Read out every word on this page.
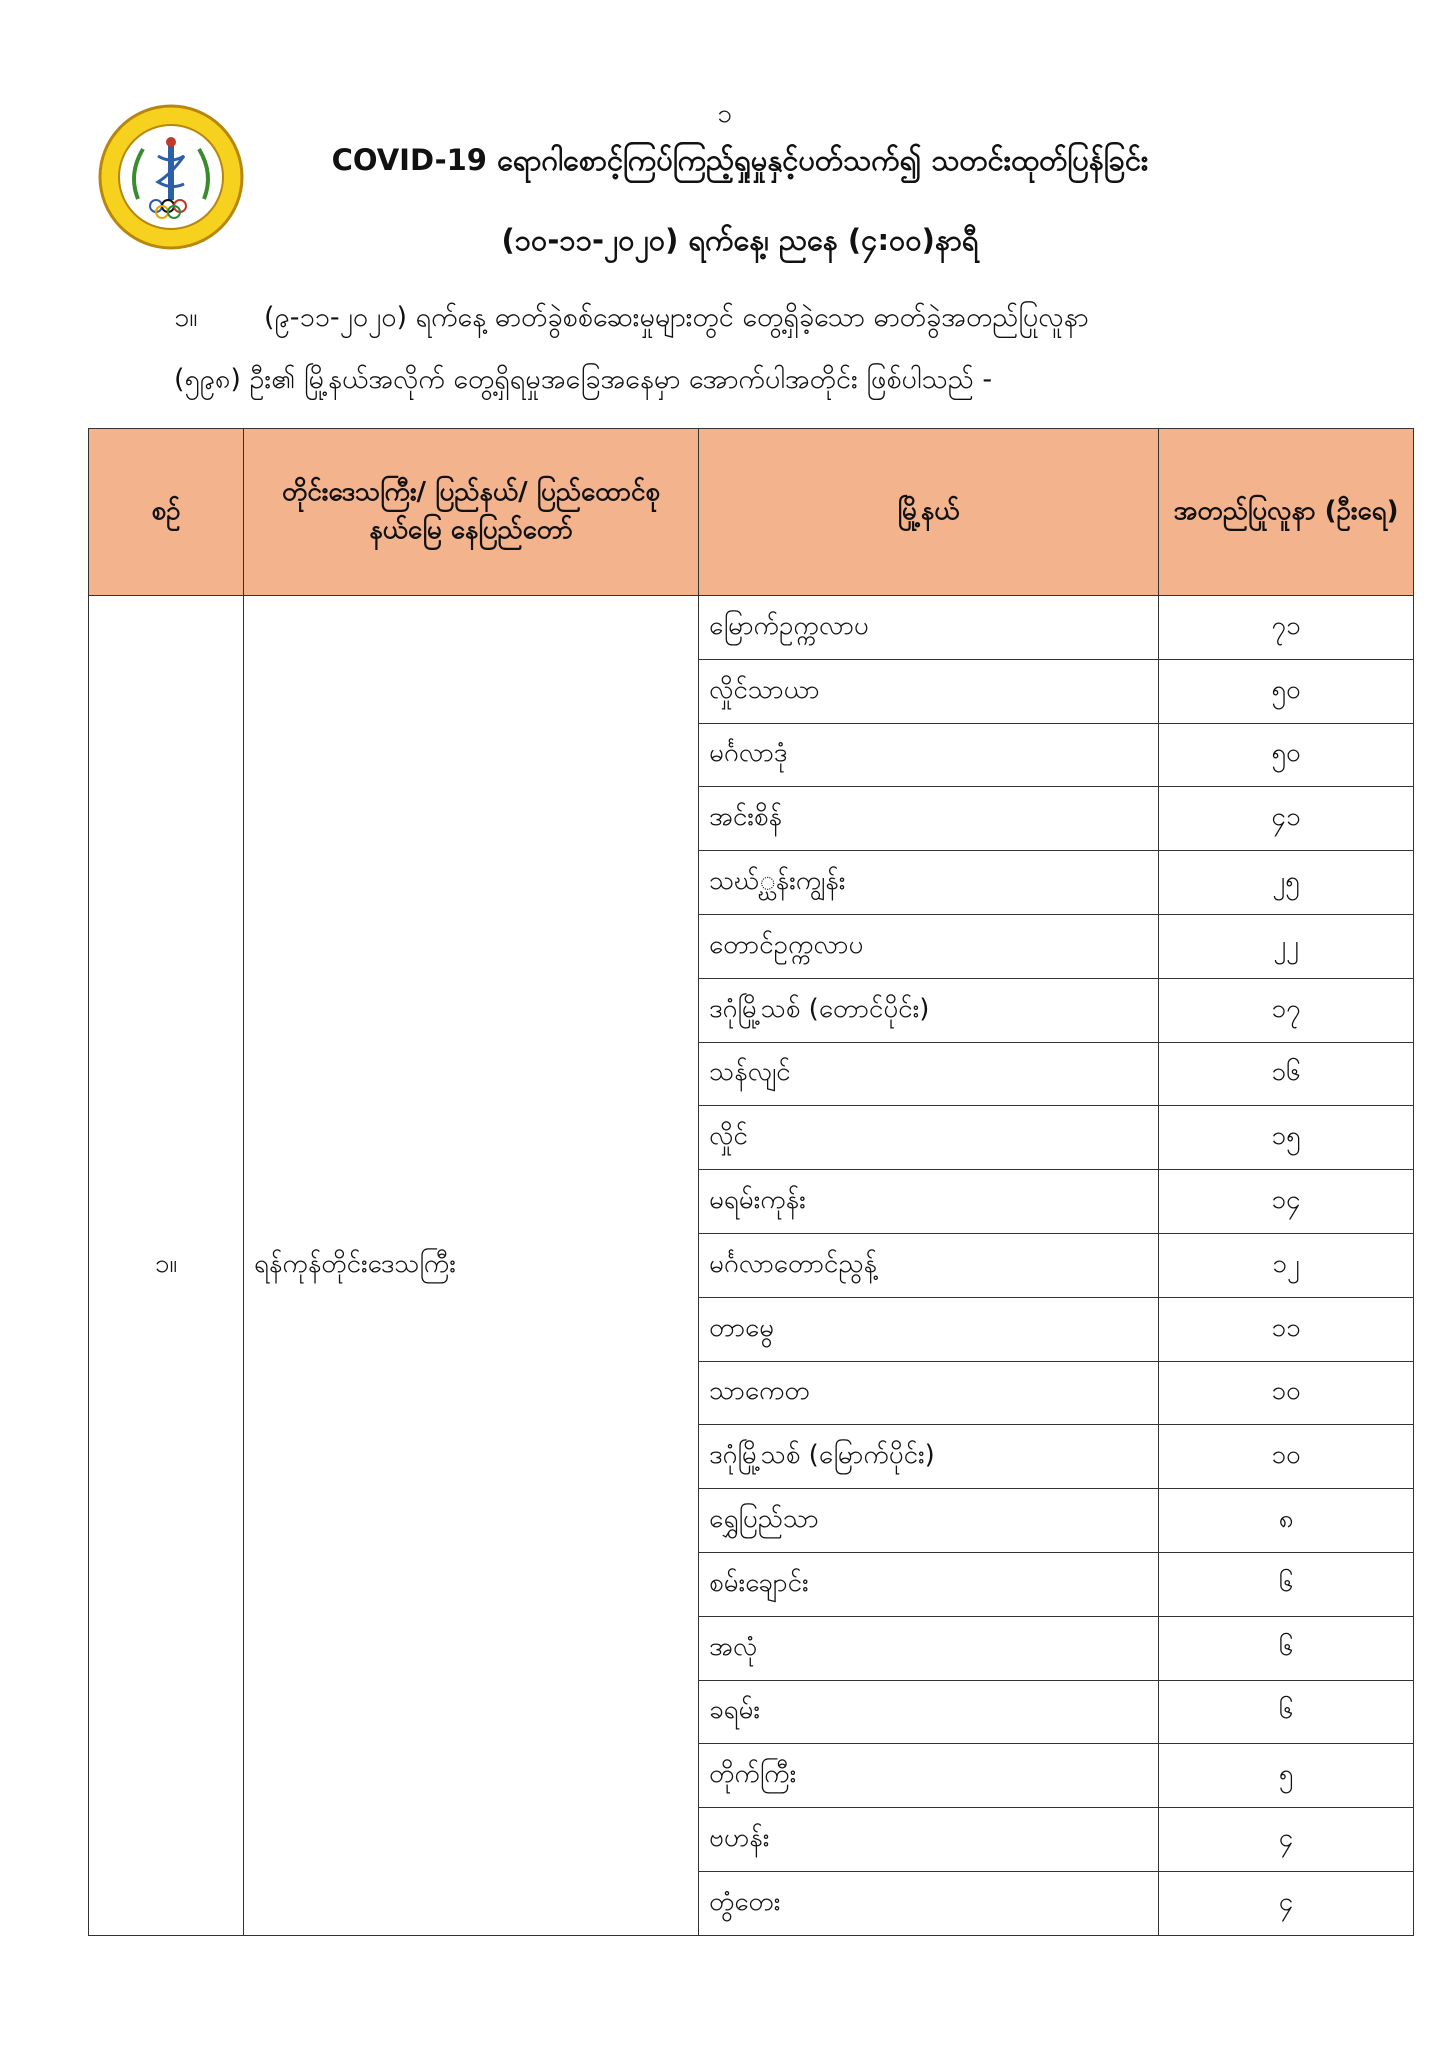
၁
COVID-19 ရောဂါစောင့်ကြပ်ကြည့်ရှုမှုနှင့်ပတ်သက်၍ သတင်းထုတ်ပြန်ခြင်း
(၁၀-၁၁-၂၀၂၀) ရက်နေ့၊ ညနေ (၄:၀၀)နာရီ
၁။ (၉-၁၁-၂၀၂၀) ရက်နေ့ ဓာတ်ခွဲစစ်ဆေးမှုများတွင် တွေ့ရှိခဲ့သော ဓာတ်ခွဲအတည်ပြုလူနာ
(၅၉၈) ဦး၏ မြို့နယ်အလိုက် တွေ့ရှိရမှုအခြေအနေမှာ အောက်ပါအတိုင်း ဖြစ်ပါသည် -
စဉ်	တိုင်းဒေသကြီး/ ပြည်နယ်/ ပြည်ထောင်စုနယ်မြေ နေပြည်တော်	မြို့နယ်	အတည်ပြုလူနာ (ဦးရေ)
၁။	ရန်ကုန်တိုင်းဒေသကြီး	မြောက်ဥက္ကလာပ	၇၁
		လှိုင်သာယာ	၅၀
		မင်္ဂလာဒုံ	၅၀
		အင်းစိန်	၄၁
		သဃ်္ဃန်းကျွန်း	၂၅
		တောင်ဥက္ကလာပ	၂၂
		ဒဂုံမြို့သစ် (တောင်ပိုင်း)	၁၇
		သန်လျင်	၁၆
		လှိုင်	၁၅
		မရမ်းကုန်း	၁၄
		မင်္ဂလာတောင်ညွန့်	၁၂
		တာမွေ	၁၁
		သာကေတ	၁၀
		ဒဂုံမြို့သစ် (မြောက်ပိုင်း)	၁၀
		ရွှေပြည်သာ	၈
		စမ်းချောင်း	၆
		အလုံ	၆
		ခရမ်း	၆
		တိုက်ကြီး	၅
		ဗဟန်း	၄
		တွံတေး	၄
